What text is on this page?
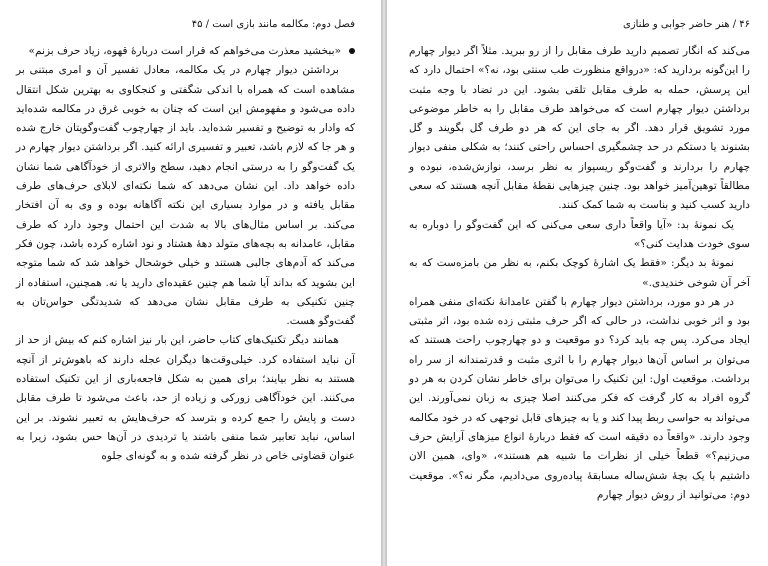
فصل دوم: مکالمه مانند بازی است / ۴۵

«ببخشید معذرت می‌خواهم که قرار است دربارهٔ قهوه، زیاد حرف بزنم»

برداشتن دیوار چهارم در یک مکالمه، معادل تفسیر آن و امری مبتنی بر مشاهده است که همراه با اندکی شگفتی و کنجکاوی به بهترین شکل انتقال داده می‌شود و مفهومش این است که چنان به خوبی غرق در مکالمه شده‌اید که وادار به توضیح و تفسیر شده‌اید. باید از چهارچوب گفت‌وگویتان خارج شده و هر جا که لازم باشد، تعبیر و تفسیری ارائه کنید. اگر برداشتن دیوار چهارم در یک گفت‌وگو را به درستی انجام دهید، سطح والاتری از خودآگاهی شما نشان داده خواهد داد. این نشان می‌دهد که شما نکته‌ای لابلای حرف‌های طرف مقابل یافته و در موارد بسیاری این نکته آگاهانه بوده و وی به آن افتخار می‌کند. بر اساس مثال‌های بالا به شدت این احتمال وجود دارد که طرف مقابل، عامدانه به بچه‌های متولد دههٔ هشتاد و نود اشاره کرده باشد، چون فکر می‌کند که آدم‌های جالبی هستند و خیلی خوشحال خواهد شد که شما متوجه این بشوید که بداند آیا شما هم چنین عقیده‌ای دارید یا نه. همچنین، استفاده از چنین تکنیکی به طرف مقابل نشان می‌دهد که شدیدتگی حواس‌تان به گفت‌وگو هست.

همانند دیگر تکنیک‌های کتاب حاضر، این بار نیز اشاره کنم که بیش از حد از آن نباید استفاده کرد. خیلی‌وقت‌ها دیگران عجله دارند که باهوش‌تر از آنچه هستند به نظر بیایند؛ برای همین به شکل فاجعه‌باری از این تکنیک استفاده می‌کنند. این خودآگاهی زورکی و زیاده از حد، باعث می‌شود تا طرف مقابل دست و پایش را جمع کرده و بترسد که حرف‌هایش به تعبیر نشوند. بر این اساس، نباید تعابیر شما منفی باشند یا تردیدی در آن‌ها حس بشود، زیرا به عنوان قضاوتی خاص در نظر گرفته شده و به گونه‌ای جلوه

۴۶ / هنر حاضر جوابی و طنازی

می‌کند که انگار تصمیم دارید طرف مقابل را از رو ببرید. مثلاً اگر دیوار چهارم را این‌گونه بردارید که: «درواقع منظورت طب سنتی بود، نه؟» احتمال دارد که این پرسش، حمله به طرف مقابل تلقی بشود. این در تضاد با وجه مثبت برداشتن دیوار چهارم است که می‌خواهد طرف مقابل را به خاطر موضوعی مورد تشویق قرار دهد. اگر به جای این که هر دو طرف گل بگویند و گل بشنوند یا دستکم در حد چشمگیری احساس راحتی کنند؛ به شکلی منفی دیوار چهارم را بردارند و گفت‌وگو ریسپواز به نظر برسد، نوازش‌شده، نبوده و مطالقاً توهین‌آمیز خواهد بود. چنین چیزهایی نقطهٔ مقابل آنچه هستند که سعی دارید کسب کنید و بناست به شما کمک کنند.

یک نمونهٔ بد: «آیا واقعاً داری سعی می‌کنی که این گفت‌وگو را دوباره به سوی خودت هدایت کنی؟»

نمونهٔ بد دیگر: «فقط یک اشارهٔ کوچک بکنم، به نظر من بامزه‌ست که به آخر آن شوخی خندیدی.»

در هر دو مورد، برداشتن دیوار چهارم با گفتن عامدانهٔ نکته‌ای منفی همراه بود و اثر خوبی نداشت، در حالی که اگر حرف مثبتی زده شده بود، اثر مثبتی ایجاد می‌کرد. پس چه باید کرد؟ دو موقعیت و دو چهارچوب راحت هستند که می‌توان بر اساس آن‌ها دیوار چهارم را با اثری مثبت و قدرتمندانه از سر راه برداشت. موقعیت اول: این تکنیک را می‌توان برای خاطر نشان کردن به هر دو گروه افراد به کار گرفت که فکر می‌کنند اصلا چیزی به زبان نمی‌آورند. این می‌تواند به حواسی ربط پیدا کند و یا به چیزهای قابل توجهی که در خود مکالمه وجود دارند. «واقعاً ده دقیقه است که فقط دربارهٔ انواع میزهای آرایش حرف می‌زنیم؟» قطعاً خیلی از نظرات ما شبیه هم هستند»، «وای، همین الان داشتیم با یک بچهٔ شش‌ساله مسابقهٔ پیاده‌روی می‌دادیم، مگر نه؟». موقعیت دوم: می‌توانید از روش دیوار چهارم
